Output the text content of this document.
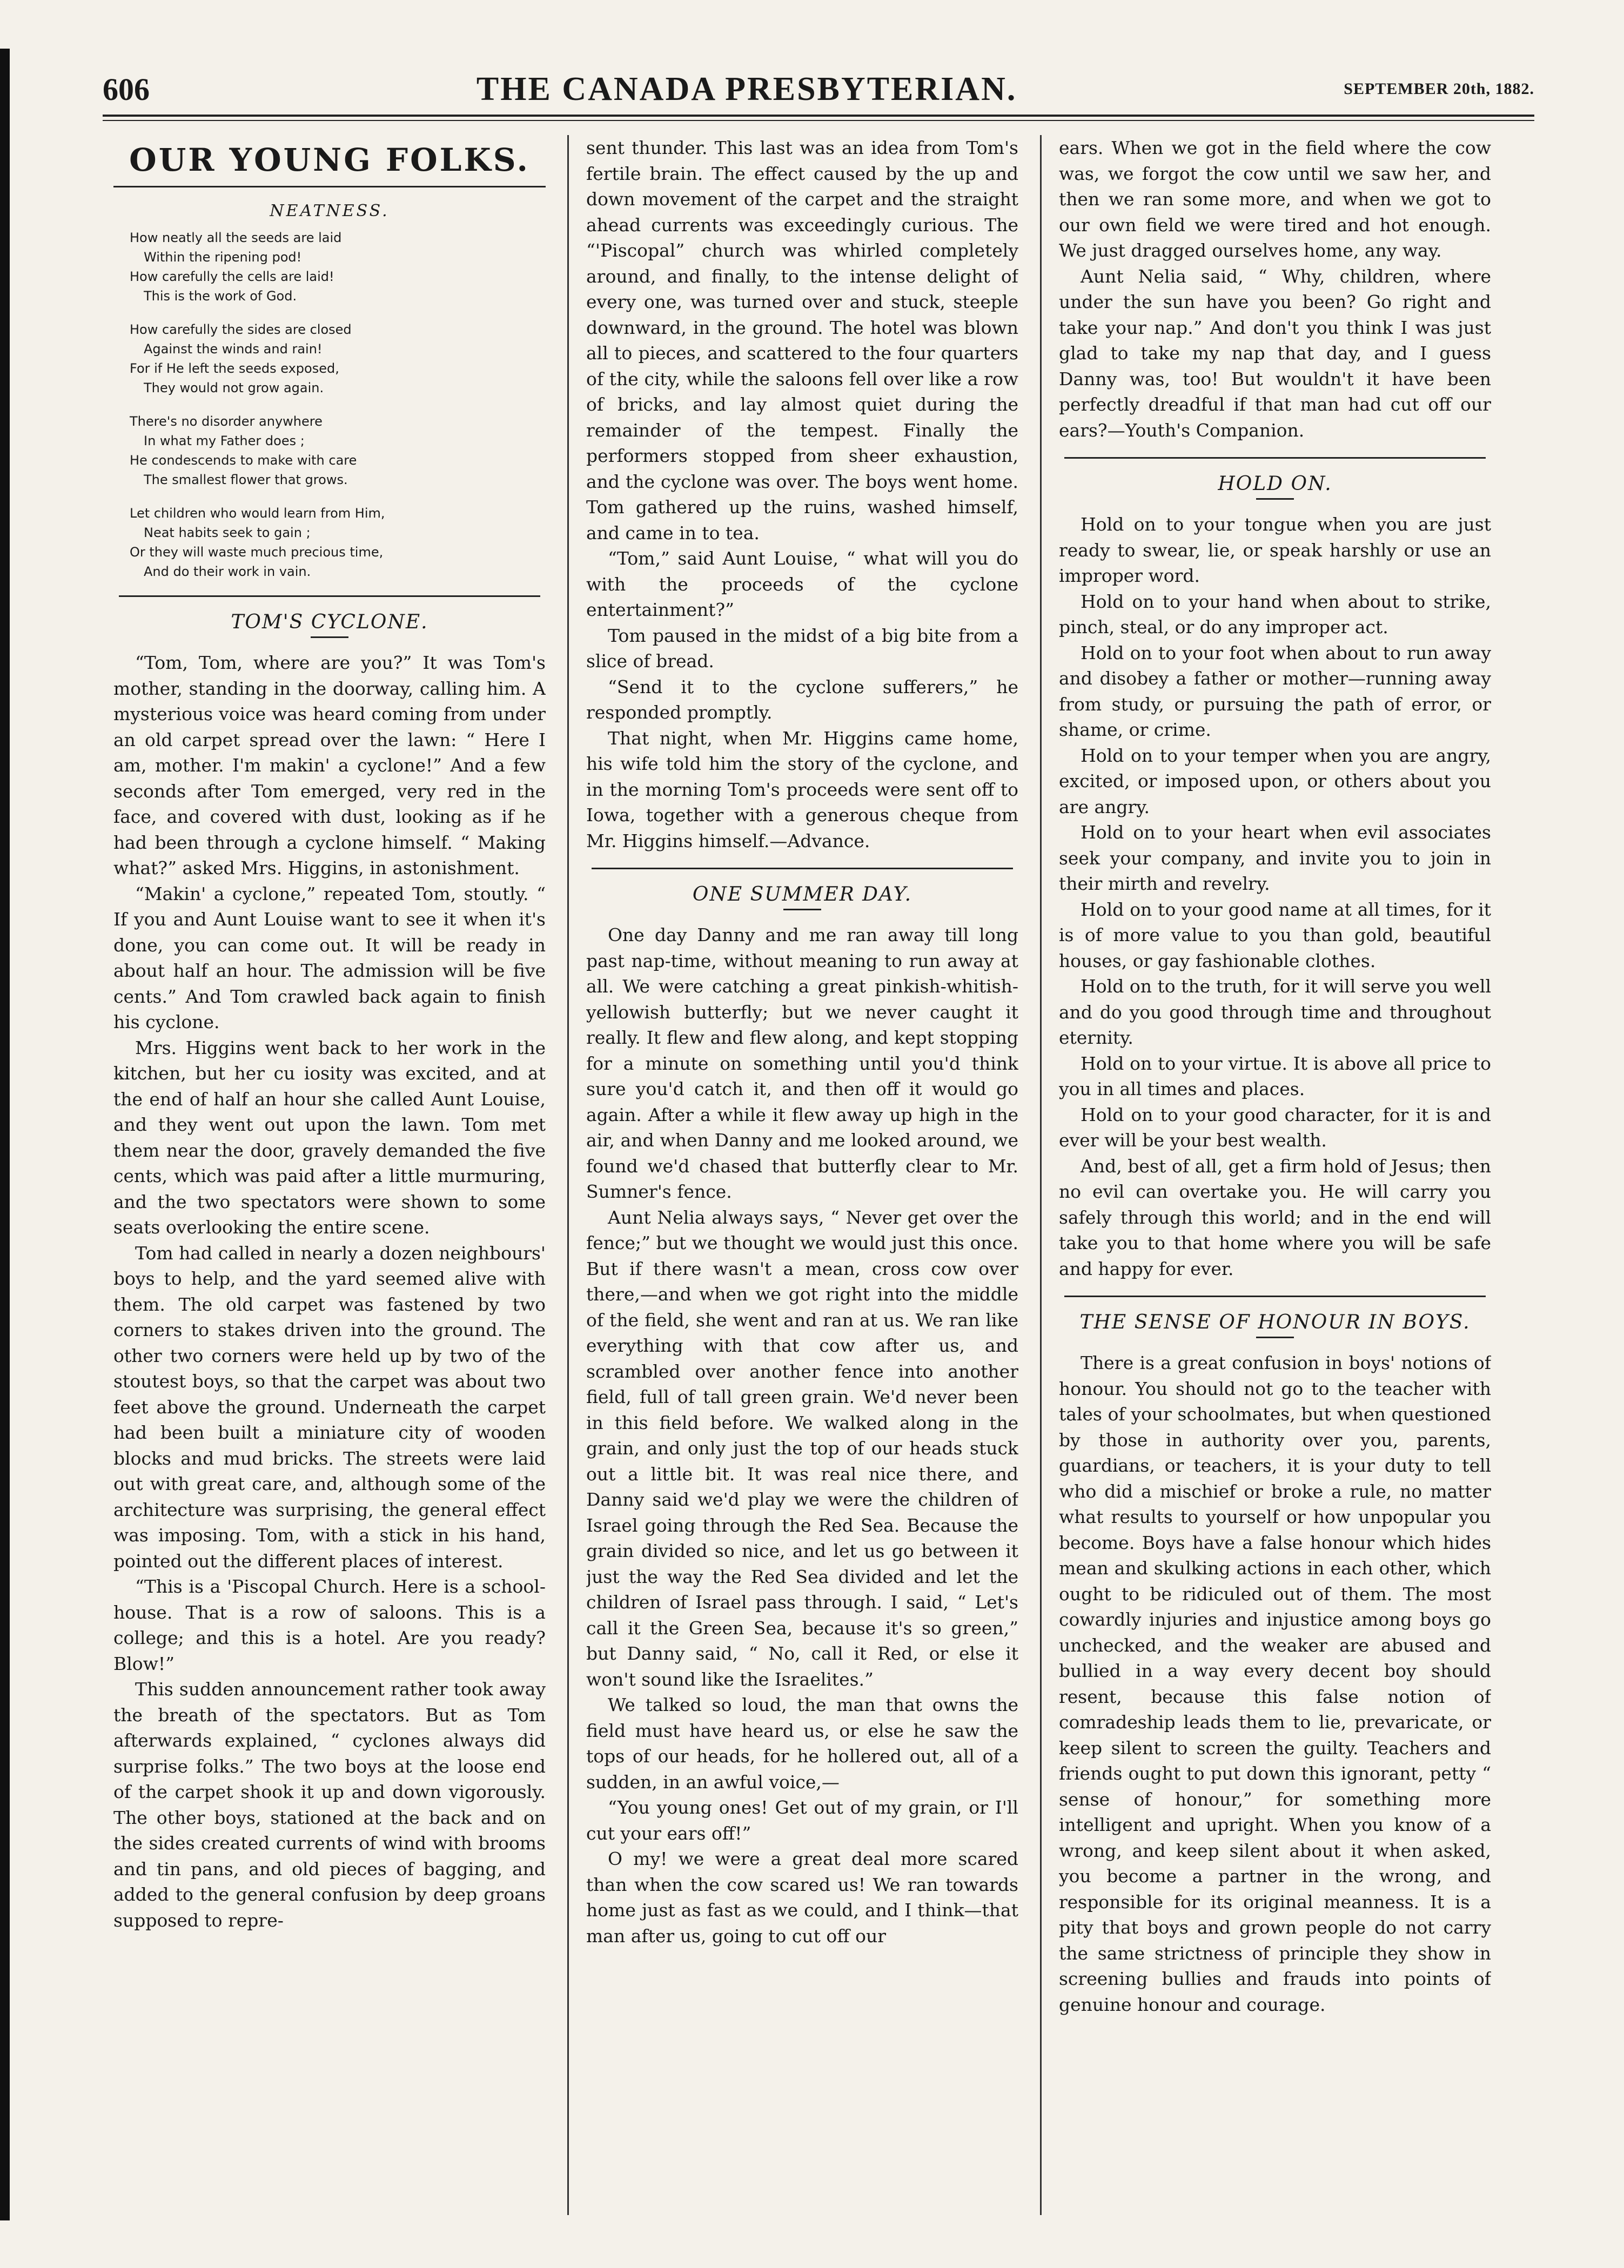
606	THE CANADA PRESBYTERIAN.	SEPTEMBER 20th, 1882.
OUR YOUNG FOLKS.
NEATNESS.
How neatly all the seeds are laid
Within the ripening pod!
How carefully the cells are laid!
This is the work of God.
How carefully the sides are closed
Against the winds and rain!
For if He left the seeds exposed,
They would not grow again.
There's no disorder anywhere
In what my Father does ;
He condescends to make with care
The smallest flower that grows.
Let children who would learn from Him,
Neat habits seek to gain ;
Or they will waste much precious time,
And do their work in vain.
TOM'S CYCLONE.

“Tom, Tom, where are you?” It was Tom's mother, standing in the doorway, calling him. A mysterious voice was heard coming from under an old carpet spread over the lawn: “ Here I am, mother. I'm makin' a cyclone!” And a few seconds after Tom emerged, very red in the face, and covered with dust, looking as if he had been through a cyclone himself. “ Making what?” asked Mrs. Higgins, in astonishment.

“Makin' a cyclone,” repeated Tom, stoutly. “ If you and Aunt Louise want to see it when it's done, you can come out. It will be ready in about half an hour. The admission will be five cents.” And Tom crawled back again to finish his cyclone.

Mrs. Higgins went back to her work in the kitchen, but her cu iosity was excited, and at the end of half an hour she called Aunt Louise, and they went out upon the lawn. Tom met them near the door, gravely demanded the five cents, which was paid after a little murmuring, and the two spectators were shown to some seats overlooking the entire scene.

Tom had called in nearly a dozen neighbours' boys to help, and the yard seemed alive with them. The old carpet was fastened by two corners to stakes driven into the ground. The other two corners were held up by two of the stoutest boys, so that the carpet was about two feet above the ground. Underneath the carpet had been built a miniature city of wooden blocks and mud bricks. The streets were laid out with great care, and, although some of the architecture was surprising, the general effect was imposing. Tom, with a stick in his hand, pointed out the different places of interest.

“This is a 'Piscopal Church. Here is a school-house. That is a row of saloons. This is a college; and this is a hotel. Are you ready? Blow!”

This sudden announcement rather took away the breath of the spectators. But as Tom afterwards explained, “ cyclones always did surprise folks.” The two boys at the loose end of the carpet shook it up and down vigorously. The other boys, stationed at the back and on the sides created currents of wind with brooms and tin pans, and old pieces of bagging, and added to the general confusion by deep groans supposed to repre-

sent thunder. This last was an idea from Tom's fertile brain. The effect caused by the up and down movement of the carpet and the straight ahead currents was exceedingly curious. The “'Piscopal” church was whirled completely around, and finally, to the intense delight of every one, was turned over and stuck, steeple downward, in the ground. The hotel was blown all to pieces, and scattered to the four quarters of the city, while the saloons fell over like a row of bricks, and lay almost quiet during the remainder of the tempest. Finally the performers stopped from sheer exhaustion, and the cyclone was over. The boys went home. Tom gathered up the ruins, washed himself, and came in to tea.

“Tom,” said Aunt Louise, “ what will you do with the proceeds of the cyclone entertainment?”

Tom paused in the midst of a big bite from a slice of bread.

“Send it to the cyclone sufferers,” he responded promptly.

That night, when Mr. Higgins came home, his wife told him the story of the cyclone, and in the morning Tom's proceeds were sent off to Iowa, together with a generous cheque from Mr. Higgins himself.—Advance.

ONE SUMMER DAY.

One day Danny and me ran away till long past nap-time, without meaning to run away at all. We were catching a great pinkish-whitish-yellowish butterfly; but we never caught it really. It flew and flew along, and kept stopping for a minute on something until you'd think sure you'd catch it, and then off it would go again. After a while it flew away up high in the air, and when Danny and me looked around, we found we'd chased that butterfly clear to Mr. Sumner's fence.

Aunt Nelia always says, “ Never get over the fence;” but we thought we would just this once. But if there wasn't a mean, cross cow over there,—and when we got right into the middle of the field, she went and ran at us. We ran like everything with that cow after us, and scrambled over another fence into another field, full of tall green grain. We'd never been in this field before. We walked along in the grain, and only just the top of our heads stuck out a little bit. It was real nice there, and Danny said we'd play we were the children of Israel going through the Red Sea. Because the grain divided so nice, and let us go between it just the way the Red Sea divided and let the children of Israel pass through. I said, “ Let's call it the Green Sea, because it's so green,” but Danny said, “ No, call it Red, or else it won't sound like the Israelites.”

We talked so loud, the man that owns the field must have heard us, or else he saw the tops of our heads, for he hollered out, all of a sudden, in an awful voice,—

“You young ones! Get out of my grain, or I'll cut your ears off!”

O my! we were a great deal more scared than when the cow scared us! We ran towards home just as fast as we could, and I think—that man after us, going to cut off our

ears. When we got in the field where the cow was, we forgot the cow until we saw her, and then we ran some more, and when we got to our own field we were tired and hot enough. We just dragged ourselves home, any way.

Aunt Nelia said, “ Why, children, where under the sun have you been? Go right and take your nap.” And don't you think I was just glad to take my nap that day, and I guess Danny was, too! But wouldn't it have been perfectly dreadful if that man had cut off our ears?—Youth's Companion.

HOLD ON.

Hold on to your tongue when you are just ready to swear, lie, or speak harshly or use an improper word.

Hold on to your hand when about to strike, pinch, steal, or do any improper act.

Hold on to your foot when about to run away and disobey a father or mother—running away from study, or pursuing the path of error, or shame, or crime.

Hold on to your temper when you are angry, excited, or imposed upon, or others about you are angry.

Hold on to your heart when evil associates seek your company, and invite you to join in their mirth and revelry.

Hold on to your good name at all times, for it is of more value to you than gold, beautiful houses, or gay fashionable clothes.

Hold on to the truth, for it will serve you well and do you good through time and throughout eternity.

Hold on to your virtue. It is above all price to you in all times and places.

Hold on to your good character, for it is and ever will be your best wealth.

And, best of all, get a firm hold of Jesus; then no evil can overtake you. He will carry you safely through this world; and in the end will take you to that home where you will be safe and happy for ever.

THE SENSE OF HONOUR IN BOYS.

There is a great confusion in boys' notions of honour. You should not go to the teacher with tales of your schoolmates, but when questioned by those in authority over you, parents, guardians, or teachers, it is your duty to tell who did a mischief or broke a rule, no matter what results to yourself or how unpopular you become. Boys have a false honour which hides mean and skulking actions in each other, which ought to be ridiculed out of them. The most cowardly injuries and injustice among boys go unchecked, and the weaker are abused and bullied in a way every decent boy should resent, because this false notion of comradeship leads them to lie, prevaricate, or keep silent to screen the guilty. Teachers and friends ought to put down this ignorant, petty “ sense of honour,” for something more intelligent and upright. When you know of a wrong, and keep silent about it when asked, you become a partner in the wrong, and responsible for its original meanness. It is a pity that boys and grown people do not carry the same strictness of principle they show in screening bullies and frauds into points of genuine honour and courage.
